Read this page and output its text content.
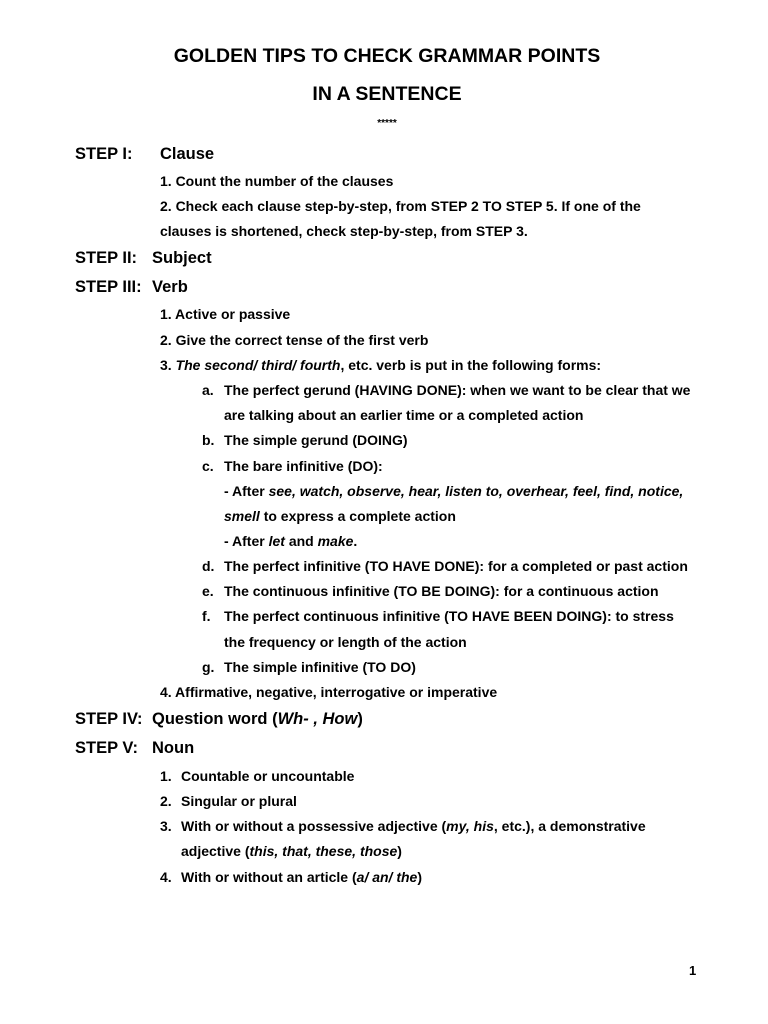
GOLDEN TIPS TO CHECK GRAMMAR POINTS
IN A SENTENCE
*****
STEP I: Clause
1. Count the number of the clauses
2. Check each clause step-by-step, from STEP 2 TO STEP 5. If one of the
clauses is shortened, check step-by-step, from STEP 3.
STEP II: Subject
STEP III: Verb
1. Active or passive
2. Give the correct tense of the first verb
3. The second/ third/ fourth, etc. verb is put in the following forms:
a. The perfect gerund (HAVING DONE): when we want to be clear that we
are talking about an earlier time or a completed action
b. The simple gerund (DOING)
c. The bare infinitive (DO):
- After see, watch, observe, hear, listen to, overhear, feel, find, notice,
smell to express a complete action
- After let and make.
d. The perfect infinitive (TO HAVE DONE): for a completed or past action
e. The continuous infinitive (TO BE DOING): for a continuous action
f. The perfect continuous infinitive (TO HAVE BEEN DOING): to stress
the frequency or length of the action
g. The simple infinitive (TO DO)
4. Affirmative, negative, interrogative or imperative
STEP IV: Question word (Wh- , How)
STEP V: Noun
1. Countable or uncountable
2. Singular or plural
3. With or without a possessive adjective (my, his, etc.), a demonstrative
adjective (this, that, these, those)
4. With or without an article (a/ an/ the)
1
